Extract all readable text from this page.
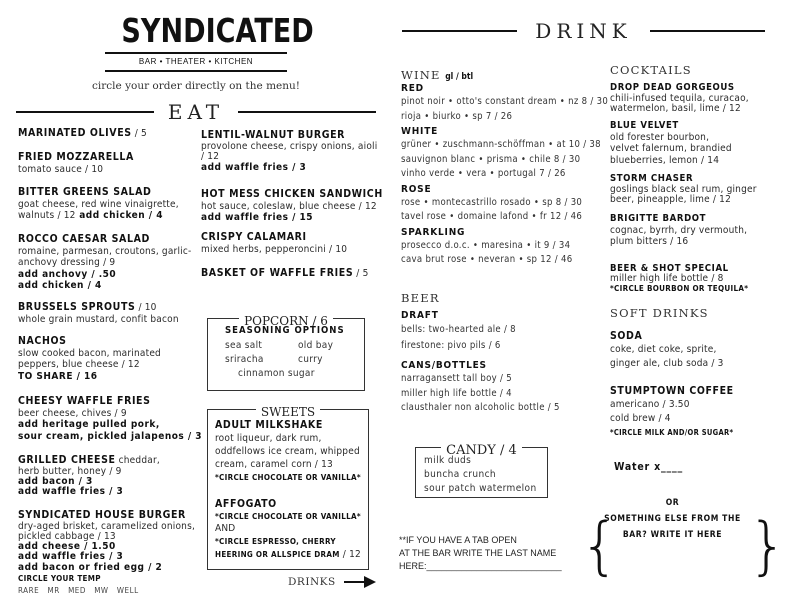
SYNDICATED
BAR • THEATER • KITCHEN
circle your order directly on the menu!
EAT
MARINATED OLIVES / 5
FRIED MOZZARELLA
tomato sauce / 10
BITTER GREENS SALAD
goat cheese, red wine vinaigrette, walnuts / 12 add chicken / 4
ROCCO CAESAR SALAD
romaine, parmesan, croutons, garlic-anchovy dressing / 9
add anchovy / .50
add chicken / 4
BRUSSELS SPROUTS / 10
whole grain mustard, confit bacon
NACHOS
slow cooked bacon, marinated peppers, blue cheese / 12
TO SHARE / 16
CHEESY WAFFLE FRIES
beer cheese, chives / 9
add heritage pulled pork,
sour cream, pickled jalapenos / 3
GRILLED CHEESE cheddar,
herb butter, honey / 9
add bacon / 3
add waffle fries / 3
SYNDICATED HOUSE BURGER
dry-aged brisket, caramelized onions, pickled cabbage / 13
add cheese / 1.50
add waffle fries / 3
add bacon or fried egg / 2
CIRCLE YOUR TEMP
RARE   MR   MED   MW   WELL
LENTIL-WALNUT BURGER
provolone cheese, crispy onions, aioli / 12
add waffle fries / 3
HOT MESS CHICKEN SANDWICH
hot sauce, coleslaw, blue cheese / 12
add waffle fries / 15
CRISPY CALAMARI
mixed herbs, pepperoncini / 10
BASKET OF WAFFLE FRIES / 5
POPCORN / 6
SEASONING OPTIONS
sea salt	old bay
sriracha	curry
cinnamon sugar
SWEETS
ADULT MILKSHAKE
root liqueur, dark rum, oddfellows ice cream, whipped cream, caramel corn / 13
*CIRCLE CHOCOLATE OR VANILLA*
AFFOGATO
*CIRCLE CHOCOLATE OR VANILLA*
AND
*CIRCLE ESPRESSO, CHERRY HEERING OR ALLSPICE DRAM / 12
DRINKS
DRINK
WINE gl / btl
RED
pinot noir • otto's constant dream • nz 8 / 30
rioja • biurko • sp 7 / 26
WHITE
grüner • zuschmann-schöffman • at 10 / 38
sauvignon blanc • prisma • chile 8 / 30
vinho verde • vera • portugal 7 / 26
ROSE
rose • montecastrillo rosado • sp 8 / 30
tavel rose • domaine lafond • fr 12 / 46
SPARKLING
prosecco d.o.c. • maresina • it 9 / 34
cava brut rose • neveran • sp 12 / 46
BEER
DRAFT
bells: two-hearted ale / 8
firestone: pivo pils / 6
CANS/BOTTLES
narragansett tall boy / 5
miller high life bottle / 4
clausthaler non alcoholic bottle / 5
CANDY / 4
milk duds
buncha crunch
sour patch watermelon
**IF YOU HAVE A TAB OPEN
AT THE BAR WRITE THE LAST NAME
HERE:___________________________
COCKTAILS
DROP DEAD GORGEOUS
chili-infused tequila, curacao,
watermelon, basil, lime / 12
BLUE VELVET
old forester bourbon,
velvet falernum, brandied
blueberries, lemon / 14
STORM CHASER
goslings black seal rum, ginger
beer, pineapple, lime / 12
BRIGITTE BARDOT
cognac, byrrh, dry vermouth,
plum bitters / 16
BEER & SHOT SPECIAL
miller high life bottle / 8
*CIRCLE BOURBON OR TEQUILA*
SOFT DRINKS
SODA
coke, diet coke, sprite,
ginger ale, club soda / 3
STUMPTOWN COFFEE
americano / 3.50
cold brew / 4
*CIRCLE MILK AND/OR SUGAR*
Water x____
OR
SOMETHING ELSE FROM THE
BAR? WRITE IT HERE
{ }
